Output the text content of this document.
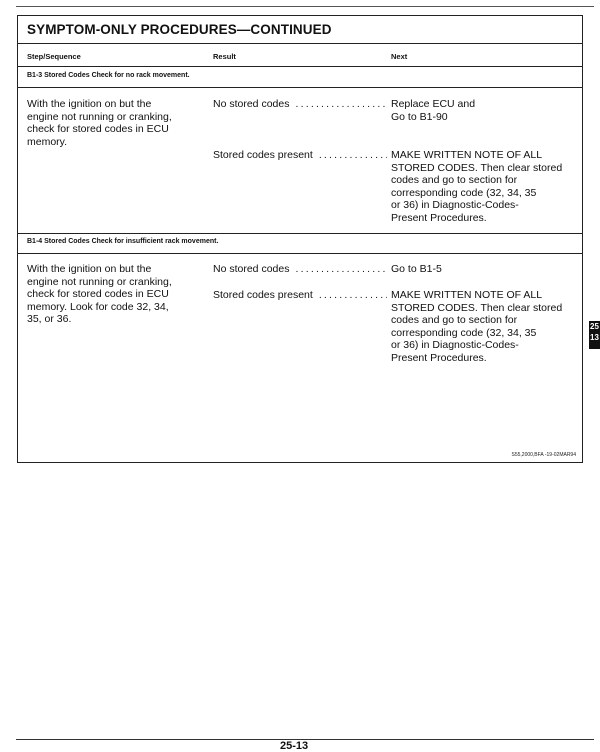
SYMPTOM-ONLY PROCEDURES—CONTINUED
Step/Sequence	Result	Next
B1-3 Stored Codes Check for no rack movement.
With the ignition on but the
engine not running or cranking,
check for stored codes in ECU
memory.
No stored codes .....	Replace ECU and
Go to B1-90
Stored codes present .....	MAKE WRITTEN NOTE OF ALL
STORED CODES. Then clear stored
codes and go to section for
corresponding code (32, 34, 35
or 36) in Diagnostic-Codes-
Present Procedures.
B1-4 Stored Codes Check for insufficient rack movement.
With the ignition on but the
engine not running or cranking,
check for stored codes in ECU
memory. Look for code 32, 34,
35, or 36.
No stored codes .....	Go to B1-5
Stored codes present .....	MAKE WRITTEN NOTE OF ALL
STORED CODES. Then clear stored
codes and go to section for
corresponding code (32, 34, 35
or 36) in Diagnostic-Codes-
Present Procedures.
S55,2000,BFA -19-02MAR94
25
13
25-13
